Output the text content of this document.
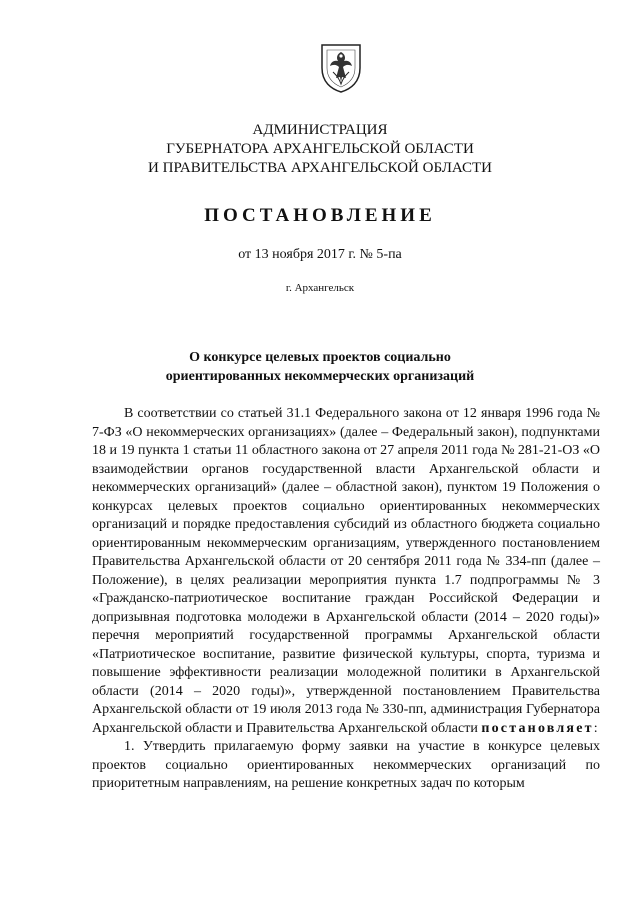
АДМИНИСТРАЦИЯ
ГУБЕРНАТОРА АРХАНГЕЛЬСКОЙ ОБЛАСТИ
И ПРАВИТЕЛЬСТВА АРХАНГЕЛЬСКОЙ ОБЛАСТИ
ПОСТАНОВЛЕНИЕ
от 13 ноября 2017 г. № 5-па
г. Архангельск
О конкурсе целевых проектов социально
ориентированных некоммерческих организаций

В соответствии со статьей 31.1 Федерального закона от 12 января 1996 года № 7-ФЗ «О некоммерческих организациях» (далее – Федеральный закон), подпунктами 18 и 19 пункта 1 статьи 11 областного закона от 27 апреля 2011 года № 281-21-ОЗ «О взаимодействии органов государственной власти Архангельской области и некоммерческих организаций» (далее – областной закон), пунктом 19 Положения о конкурсах целевых проектов социально ориентированных некоммерческих организаций и порядке предоставления субсидий из областного бюджета социально ориентированным некоммерческим организациям, утвержденного постановлением Правительства Архангельской области от 20 сентября 2011 года № 334-пп (далее – Положение), в целях реализации мероприятия пункта 1.7 подпрограммы № 3 «Гражданско-патриотическое воспитание граждан Российской Федерации и допризывная подготовка молодежи в Архангельской области (2014 – 2020 годы)» перечня мероприятий государственной программы Архангельской области «Патриотическое воспитание, развитие физической культуры, спорта, туризма и повышение эффективности реализации молодежной политики в Архангельской области (2014 – 2020 годы)», утвержденной постановлением Правительства Архангельской области от 19 июля 2013 года № 330-пп, администрация Губернатора Архангельской области и Правительства Архангельской области постановляет:

1. Утвердить прилагаемую форму заявки на участие в конкурсе целевых проектов социально ориентированных некоммерческих организаций по приоритетным направлениям, на решение конкретных задач по которым
